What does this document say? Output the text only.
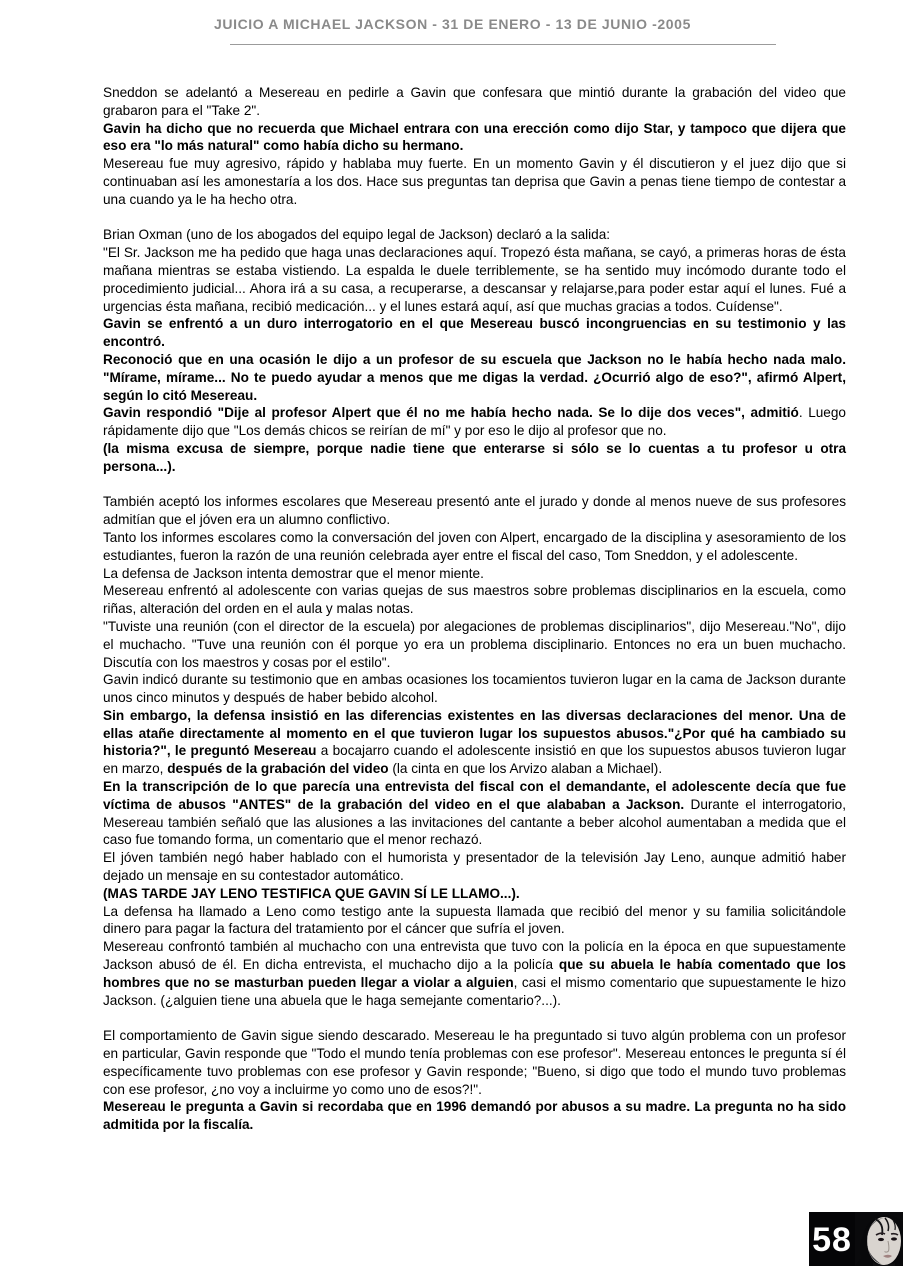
JUICIO A MICHAEL JACKSON - 31 DE ENERO - 13 DE JUNIO -2005

Sneddon se adelantó a Mesereau en pedirle a Gavin que confesara que mintió durante la grabación del video que grabaron para el "Take 2".

Gavin ha dicho que no recuerda que Michael entrara con una erección como dijo Star, y tampoco que dijera que eso era "lo más natural" como había dicho su hermano.

Mesereau fue muy agresivo, rápido y hablaba muy fuerte. En un momento Gavin y él discutieron y el juez dijo que si continuaban así les amonestaría a los dos. Hace sus preguntas tan deprisa que Gavin a penas tiene tiempo de contestar a una cuando ya le ha hecho otra.

Brian Oxman (uno de los abogados del equipo legal de Jackson) declaró a la salida:

"El Sr. Jackson me ha pedido que haga unas declaraciones aquí. Tropezó ésta mañana, se cayó, a primeras horas de ésta mañana mientras se estaba vistiendo. La espalda le duele terriblemente, se ha sentido muy incómodo durante todo el procedimiento judicial... Ahora irá a su casa, a recuperarse, a descansar y relajarse,para poder estar aquí el lunes. Fué a urgencias ésta mañana, recibió medicación... y el lunes estará aquí, así que muchas gracias a todos. Cuídense".

Gavin se enfrentó a un duro interrogatorio en el que Mesereau buscó incongruencias en su testimonio y las encontró.

Reconoció que en una ocasión le dijo a un profesor de su escuela que Jackson no le había hecho nada malo. "Mírame, mírame... No te puedo ayudar a menos que me digas la verdad. ¿Ocurrió algo de eso?", afirmó Alpert, según lo citó Mesereau.

Gavin respondió "Dije al profesor Alpert que él no me había hecho nada. Se lo dije dos veces", admitió. Luego rápidamente dijo que "Los demás chicos se reirían de mí" y por eso le dijo al profesor que no.

(la misma excusa de siempre, porque nadie tiene que enterarse si sólo se lo cuentas a tu profesor u otra persona...).

También aceptó los informes escolares que Mesereau presentó ante el jurado y donde al menos nueve de sus profesores admitían que el jóven era un alumno conflictivo.

Tanto los informes escolares como la conversación del joven con Alpert, encargado de la disciplina y asesoramiento de los estudiantes, fueron la razón de una reunión celebrada ayer entre el fiscal del caso, Tom Sneddon, y el adolescente.

La defensa de Jackson intenta demostrar que el menor miente.

Mesereau enfrentó al adolescente con varias quejas de sus maestros sobre problemas disciplinarios en la escuela, como riñas, alteración del orden en el aula y malas notas.

"Tuviste una reunión (con el director de la escuela) por alegaciones de problemas disciplinarios", dijo Mesereau."No", dijo el muchacho. "Tuve una reunión con él porque yo era un problema disciplinario. Entonces no era un buen muchacho. Discutía con los maestros y cosas por el estilo".

Gavin indicó durante su testimonio que en ambas ocasiones los tocamientos tuvieron lugar en la cama de Jackson durante unos cinco minutos y después de haber bebido alcohol.

Sin embargo, la defensa insistió en las diferencias existentes en las diversas declaraciones del menor. Una de ellas atañe directamente al momento en el que tuvieron lugar los supuestos abusos."¿Por qué ha cambiado su historia?", le preguntó Mesereau a bocajarro cuando el adolescente insistió en que los supuestos abusos tuvieron lugar en marzo, después de la grabación del video (la cinta en que los Arvizo alaban a Michael).

En la transcripción de lo que parecía una entrevista del fiscal con el demandante, el adolescente decía que fue víctima de abusos "ANTES" de la grabación del video en el que alababan a Jackson. Durante el interrogatorio, Mesereau también señaló que las alusiones a las invitaciones del cantante a beber alcohol aumentaban a medida que el caso fue tomando forma, un comentario que el menor rechazó.

El jóven también negó haber hablado con el humorista y presentador de la televisión Jay Leno, aunque admitió haber dejado un mensaje en su contestador automático.

(MAS TARDE JAY LENO TESTIFICA QUE GAVIN SÍ LE LLAMO...).

La defensa ha llamado a Leno como testigo ante la supuesta llamada que recibió del menor y su familia solicitándole dinero para pagar la factura del tratamiento por el cáncer que sufría el joven.

Mesereau confrontó también al muchacho con una entrevista que tuvo con la policía en la época en que supuestamente Jackson abusó de él. En dicha entrevista, el muchacho dijo a la policía que su abuela le había comentado que los hombres que no se masturban pueden llegar a violar a alguien, casi el mismo comentario que supuestamente le hizo Jackson. (¿alguien tiene una abuela que le haga semejante comentario?...).

El comportamiento de Gavin sigue siendo descarado. Mesereau le ha preguntado si tuvo algún problema con un profesor en particular, Gavin responde que "Todo el mundo tenía problemas con ese profesor". Mesereau entonces le pregunta sí él específicamente tuvo problemas con ese profesor y Gavin responde; "Bueno, si digo que todo el mundo tuvo problemas con ese profesor, ¿no voy a incluirme yo como uno de esos?!".

Mesereau le pregunta a Gavin si recordaba que en 1996 demandó por abusos a su madre. La pregunta no ha sido admitida por la fiscalía.

58
